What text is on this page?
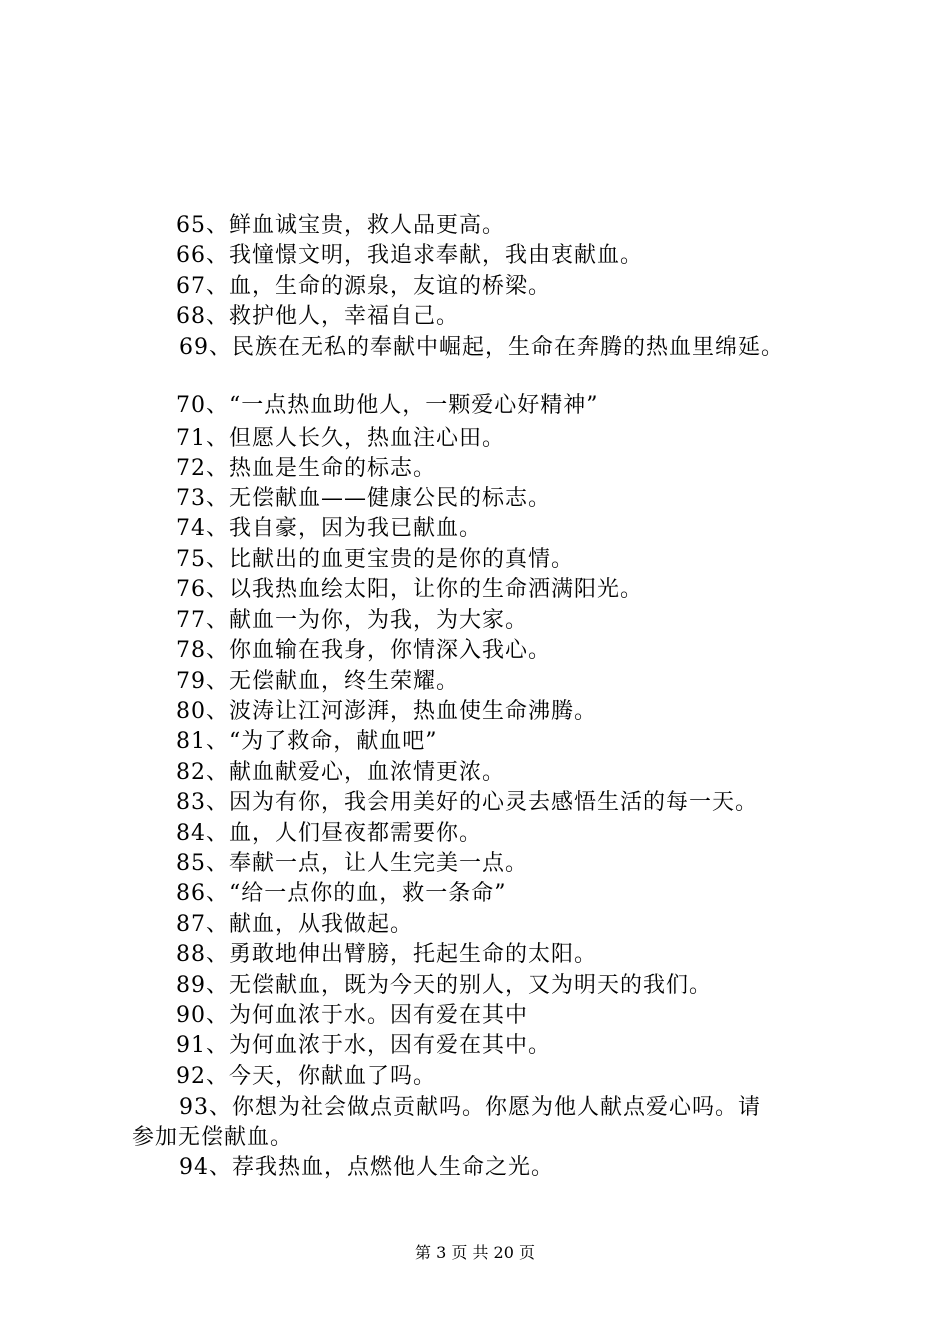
65、鲜血诚宝贵，救人品更高。
66、我憧憬文明，我追求奉献，我由衷献血。
67、血，生命的源泉，友谊的桥梁。
68、救护他人，幸福自己。
69、民族在无私的奉献中崛起，生命在奔腾的热血里绵延。
70、“一点热血助他人，一颗爱心好精神”
71、但愿人长久，热血注心田。
72、热血是生命的标志。
73、无偿献血——健康公民的标志。
74、我自豪，因为我已献血。
75、比献出的血更宝贵的是你的真情。
76、以我热血绘太阳，让你的生命洒满阳光。
77、献血一为你，为我，为大家。
78、你血输在我身，你情深入我心。
79、无偿献血，终生荣耀。
80、波涛让江河澎湃，热血使生命沸腾。
81、“为了救命，献血吧”
82、献血献爱心，血浓情更浓。
83、因为有你，我会用美好的心灵去感悟生活的每一天。
84、血，人们昼夜都需要你。
85、奉献一点，让人生完美一点。
86、“给一点你的血，救一条命”
87、献血，从我做起。
88、勇敢地伸出臂膀，托起生命的太阳。
89、无偿献血，既为今天的别人，又为明天的我们。
90、为何血浓于水。因有爱在其中
91、为何血浓于水，因有爱在其中。
92、今天，你献血了吗。
93、你想为社会做点贡献吗。你愿为他人献点爱心吗。请
参加无偿献血。
94、荐我热血，点燃他人生命之光。
第 3 页 共 20 页
